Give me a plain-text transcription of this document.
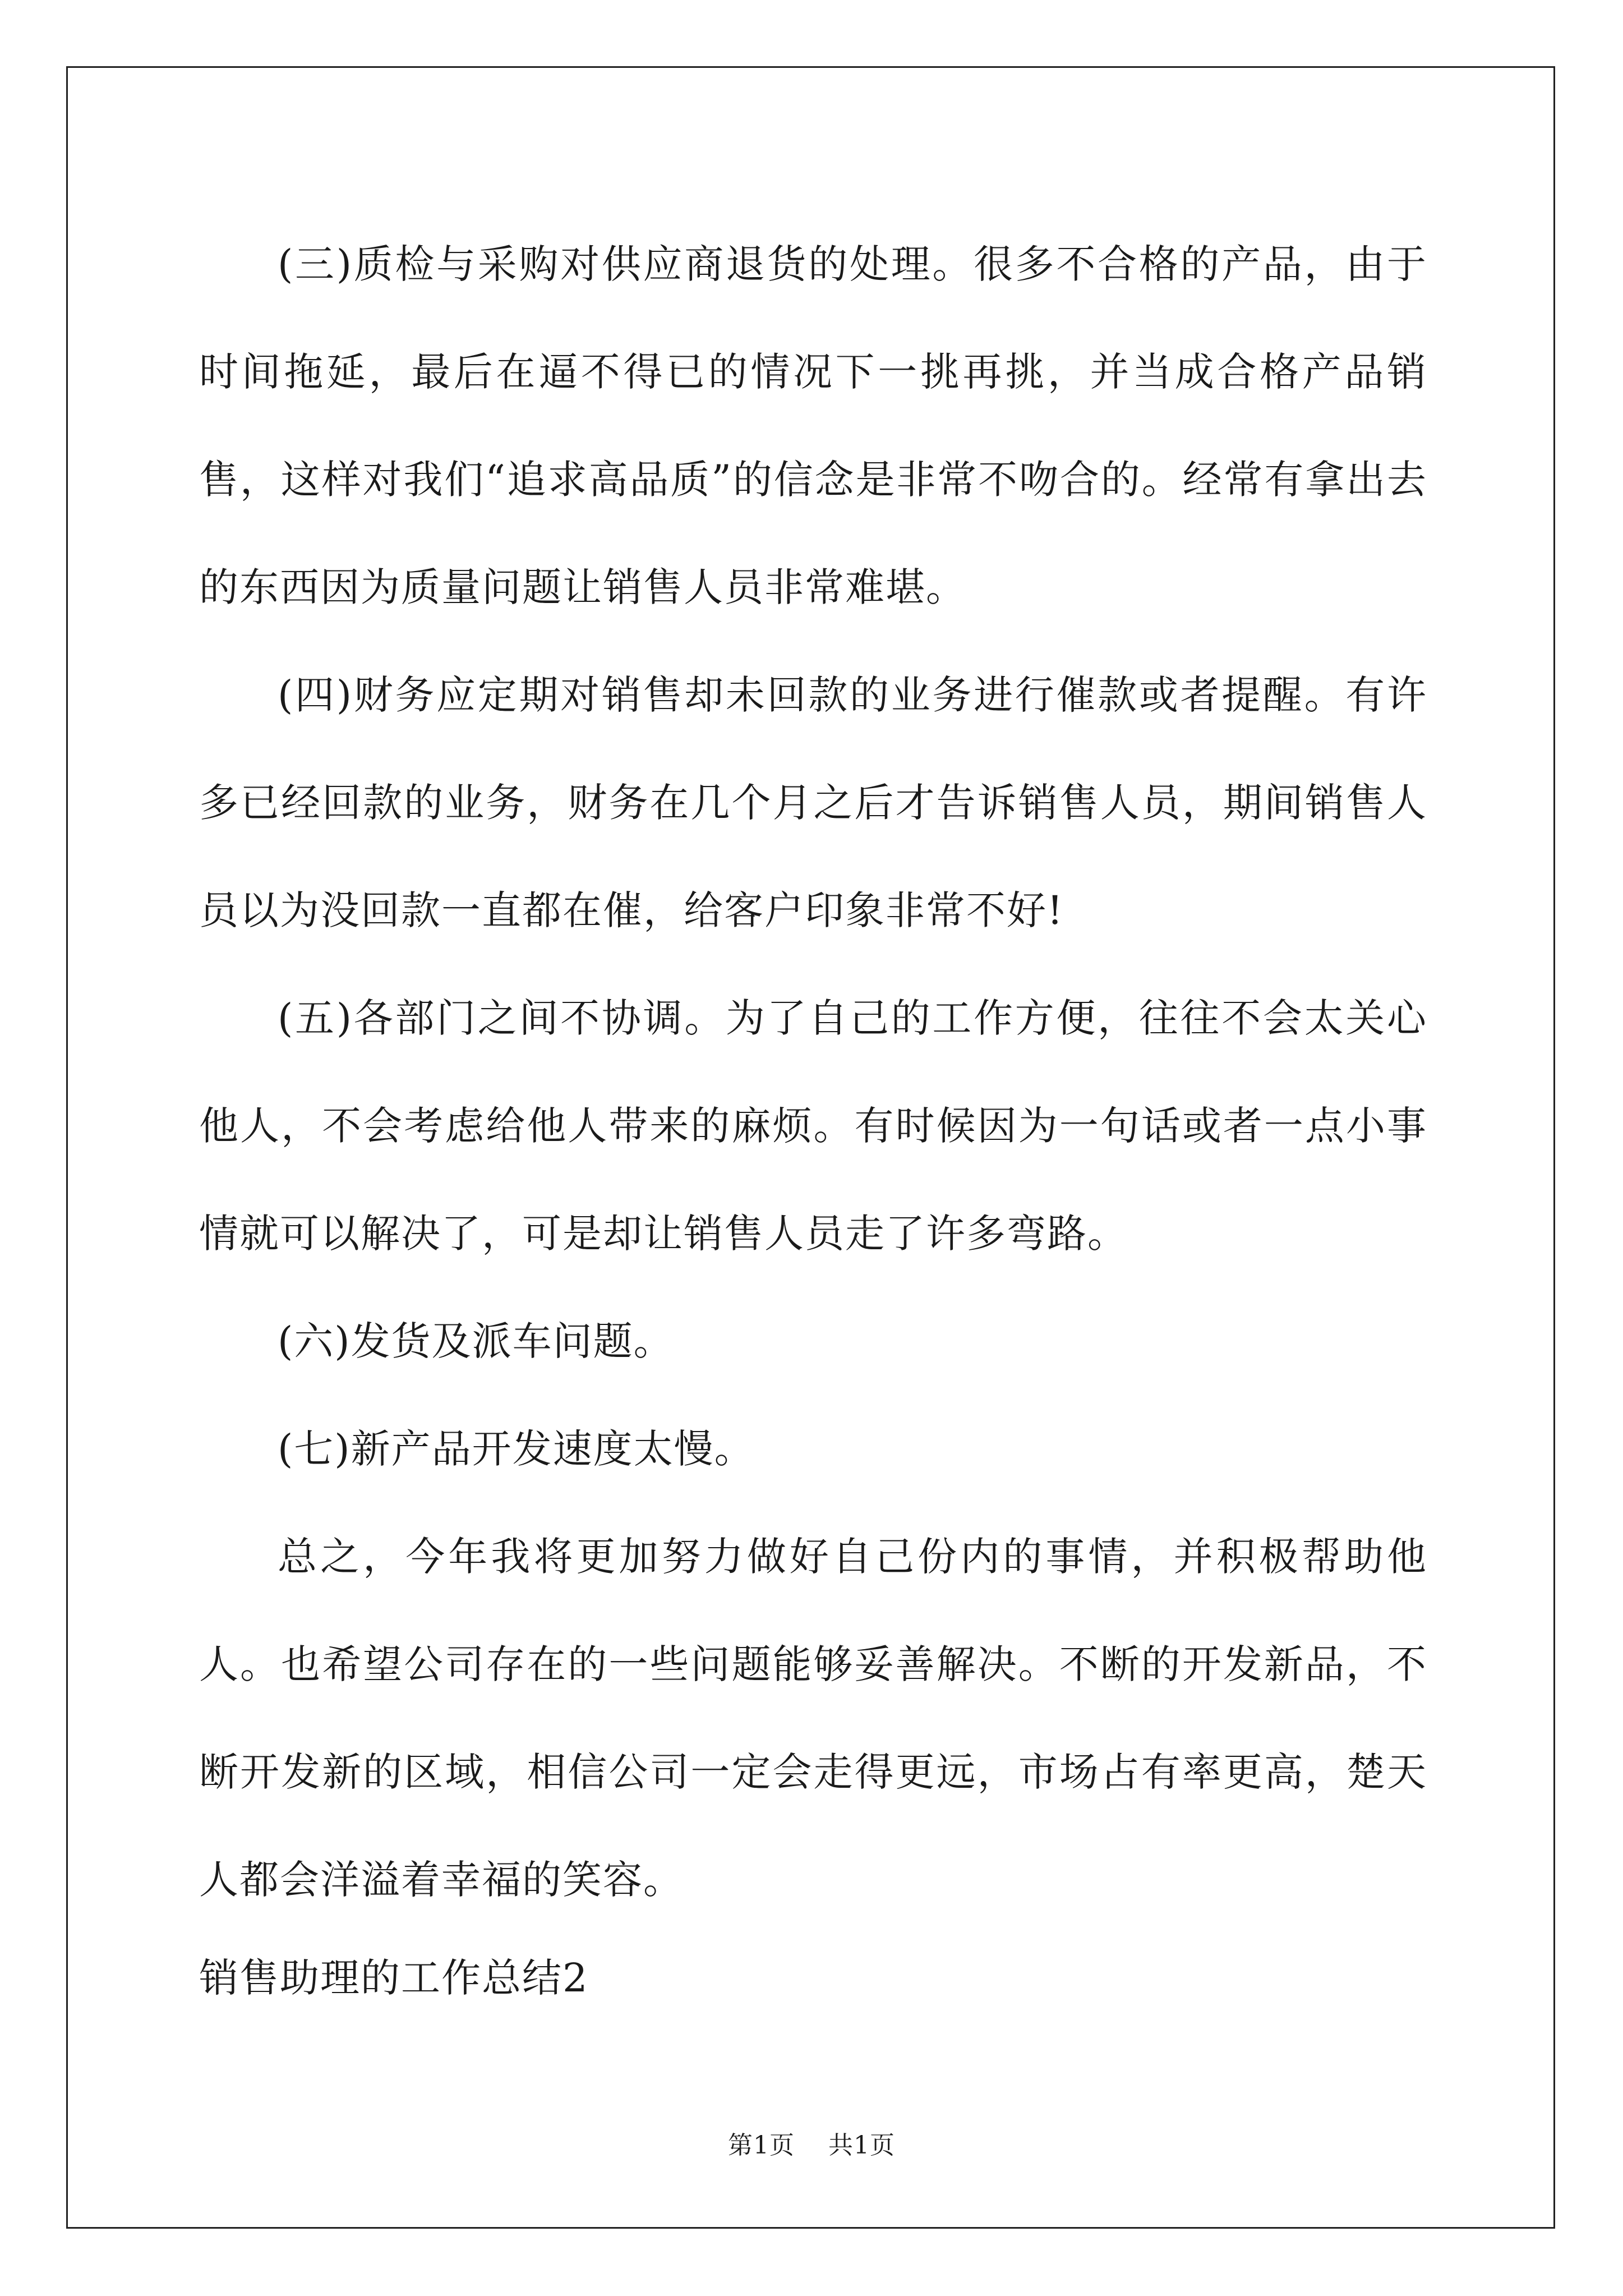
(三)质检与采购对供应商退货的处理。很多不合格的产品，由于时间拖延，最后在逼不得已的情况下一挑再挑，并当成合格产品销售，这样对我们“追求高品质”的信念是非常不吻合的。经常有拿出去的东西因为质量问题让销售人员非常难堪。

(四)财务应定期对销售却未回款的业务进行催款或者提醒。有许多已经回款的业务，财务在几个月之后才告诉销售人员，期间销售人员以为没回款一直都在催，给客户印象非常不好!

(五)各部门之间不协调。为了自己的工作方便，往往不会太关心他人，不会考虑给他人带来的麻烦。有时候因为一句话或者一点小事情就可以解决了，可是却让销售人员走了许多弯路。

(六)发货及派车问题。

(七)新产品开发速度太慢。

总之，今年我将更加努力做好自己份内的事情，并积极帮助他人。也希望公司存在的一些问题能够妥善解决。不断的开发新品，不断开发新的区域，相信公司一定会走得更远，市场占有率更高，楚天人都会洋溢着幸福的笑容。

销售助理的工作总结2

第1页 共1页
